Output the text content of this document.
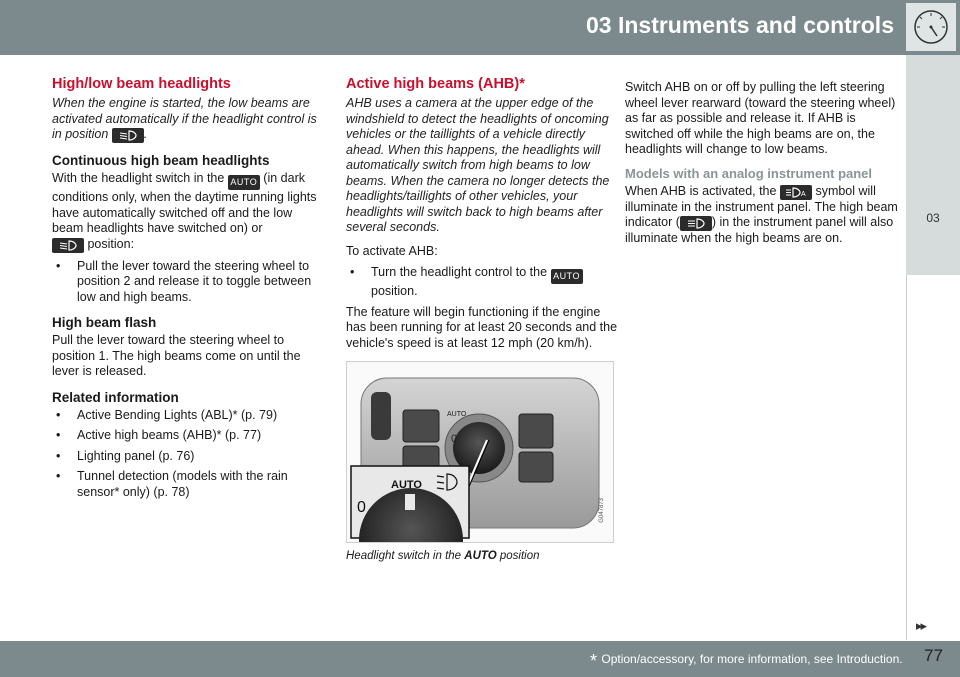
03 Instruments and controls
03
High/low beam headlights

When the engine is started, the low beams are activated automatically if the headlight control is in position	.

Continuous high beam headlights

With the headlight switch in the AUTO (in dark conditions only, when the daytime running lights have automatically switched off and the low beam headlights have switched on) or

position:

• Pull the lever toward the steering wheel to position 2 and release it to toggle between low and high beams.
High beam flash

Pull the lever toward the steering wheel to position 1. The high beams come on until the lever is released.

Related information
• Active Bending Lights (ABL)* (p. 79)
• Active high beams (AHB)* (p. 77)
• Lighting panel (p. 76)
• Tunnel detection (models with the rain sensor* only) (p. 78)
Active high beams (AHB)*

AHB uses a camera at the upper edge of the windshield to detect the headlights of oncoming vehicles or the taillights of a vehicle directly ahead. When this happens, the headlights will automatically switch from high beams to low beams. When the camera no longer detects the headlights/taillights of other vehicles, your headlights will switch back to high beams after several seconds.

To activate AHB:

• Turn the headlight control to the AUTO
position.

The feature will begin functioning if the engine has been running for at least 20 seconds and the vehicle's speed is at least 12 mph (20 km/h).

AUTO
0
AUTO
0	G047873
Headlight switch in the AUTO position

Switch AHB on or off by pulling the left steering wheel lever rearward (toward the steering wheel) as far as possible and release it. If AHB is switched off while the high beams are on, the headlights will change to low beams.

Models with an analog instrument panel

When AHB is activated, the	A symbol will illuminate in the instrument panel. The high beam indicator (	) in the instrument panel will also illuminate when the high beams are on.

▸▸
* Option/accessory, for more information, see Introduction. 77
